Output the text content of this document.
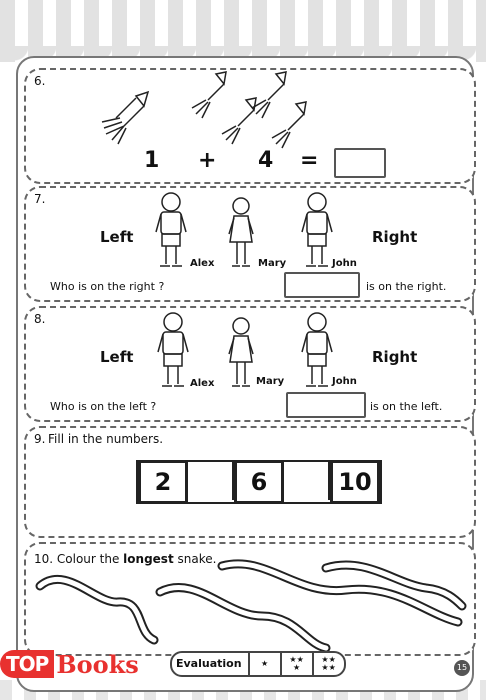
6.
1 + 4 =
7.
Left	Right
Alex	Mary	John
Who is on the right ?	is on the right.
8.
Left	Right
Alex	Mary	John
Who is on the left ?	is on the left.
9. Fill in the numbers.
2	6	10
10. Colour the longest snake.
TOP Books	Evaluation	★	★★
★
★★
★★	15
